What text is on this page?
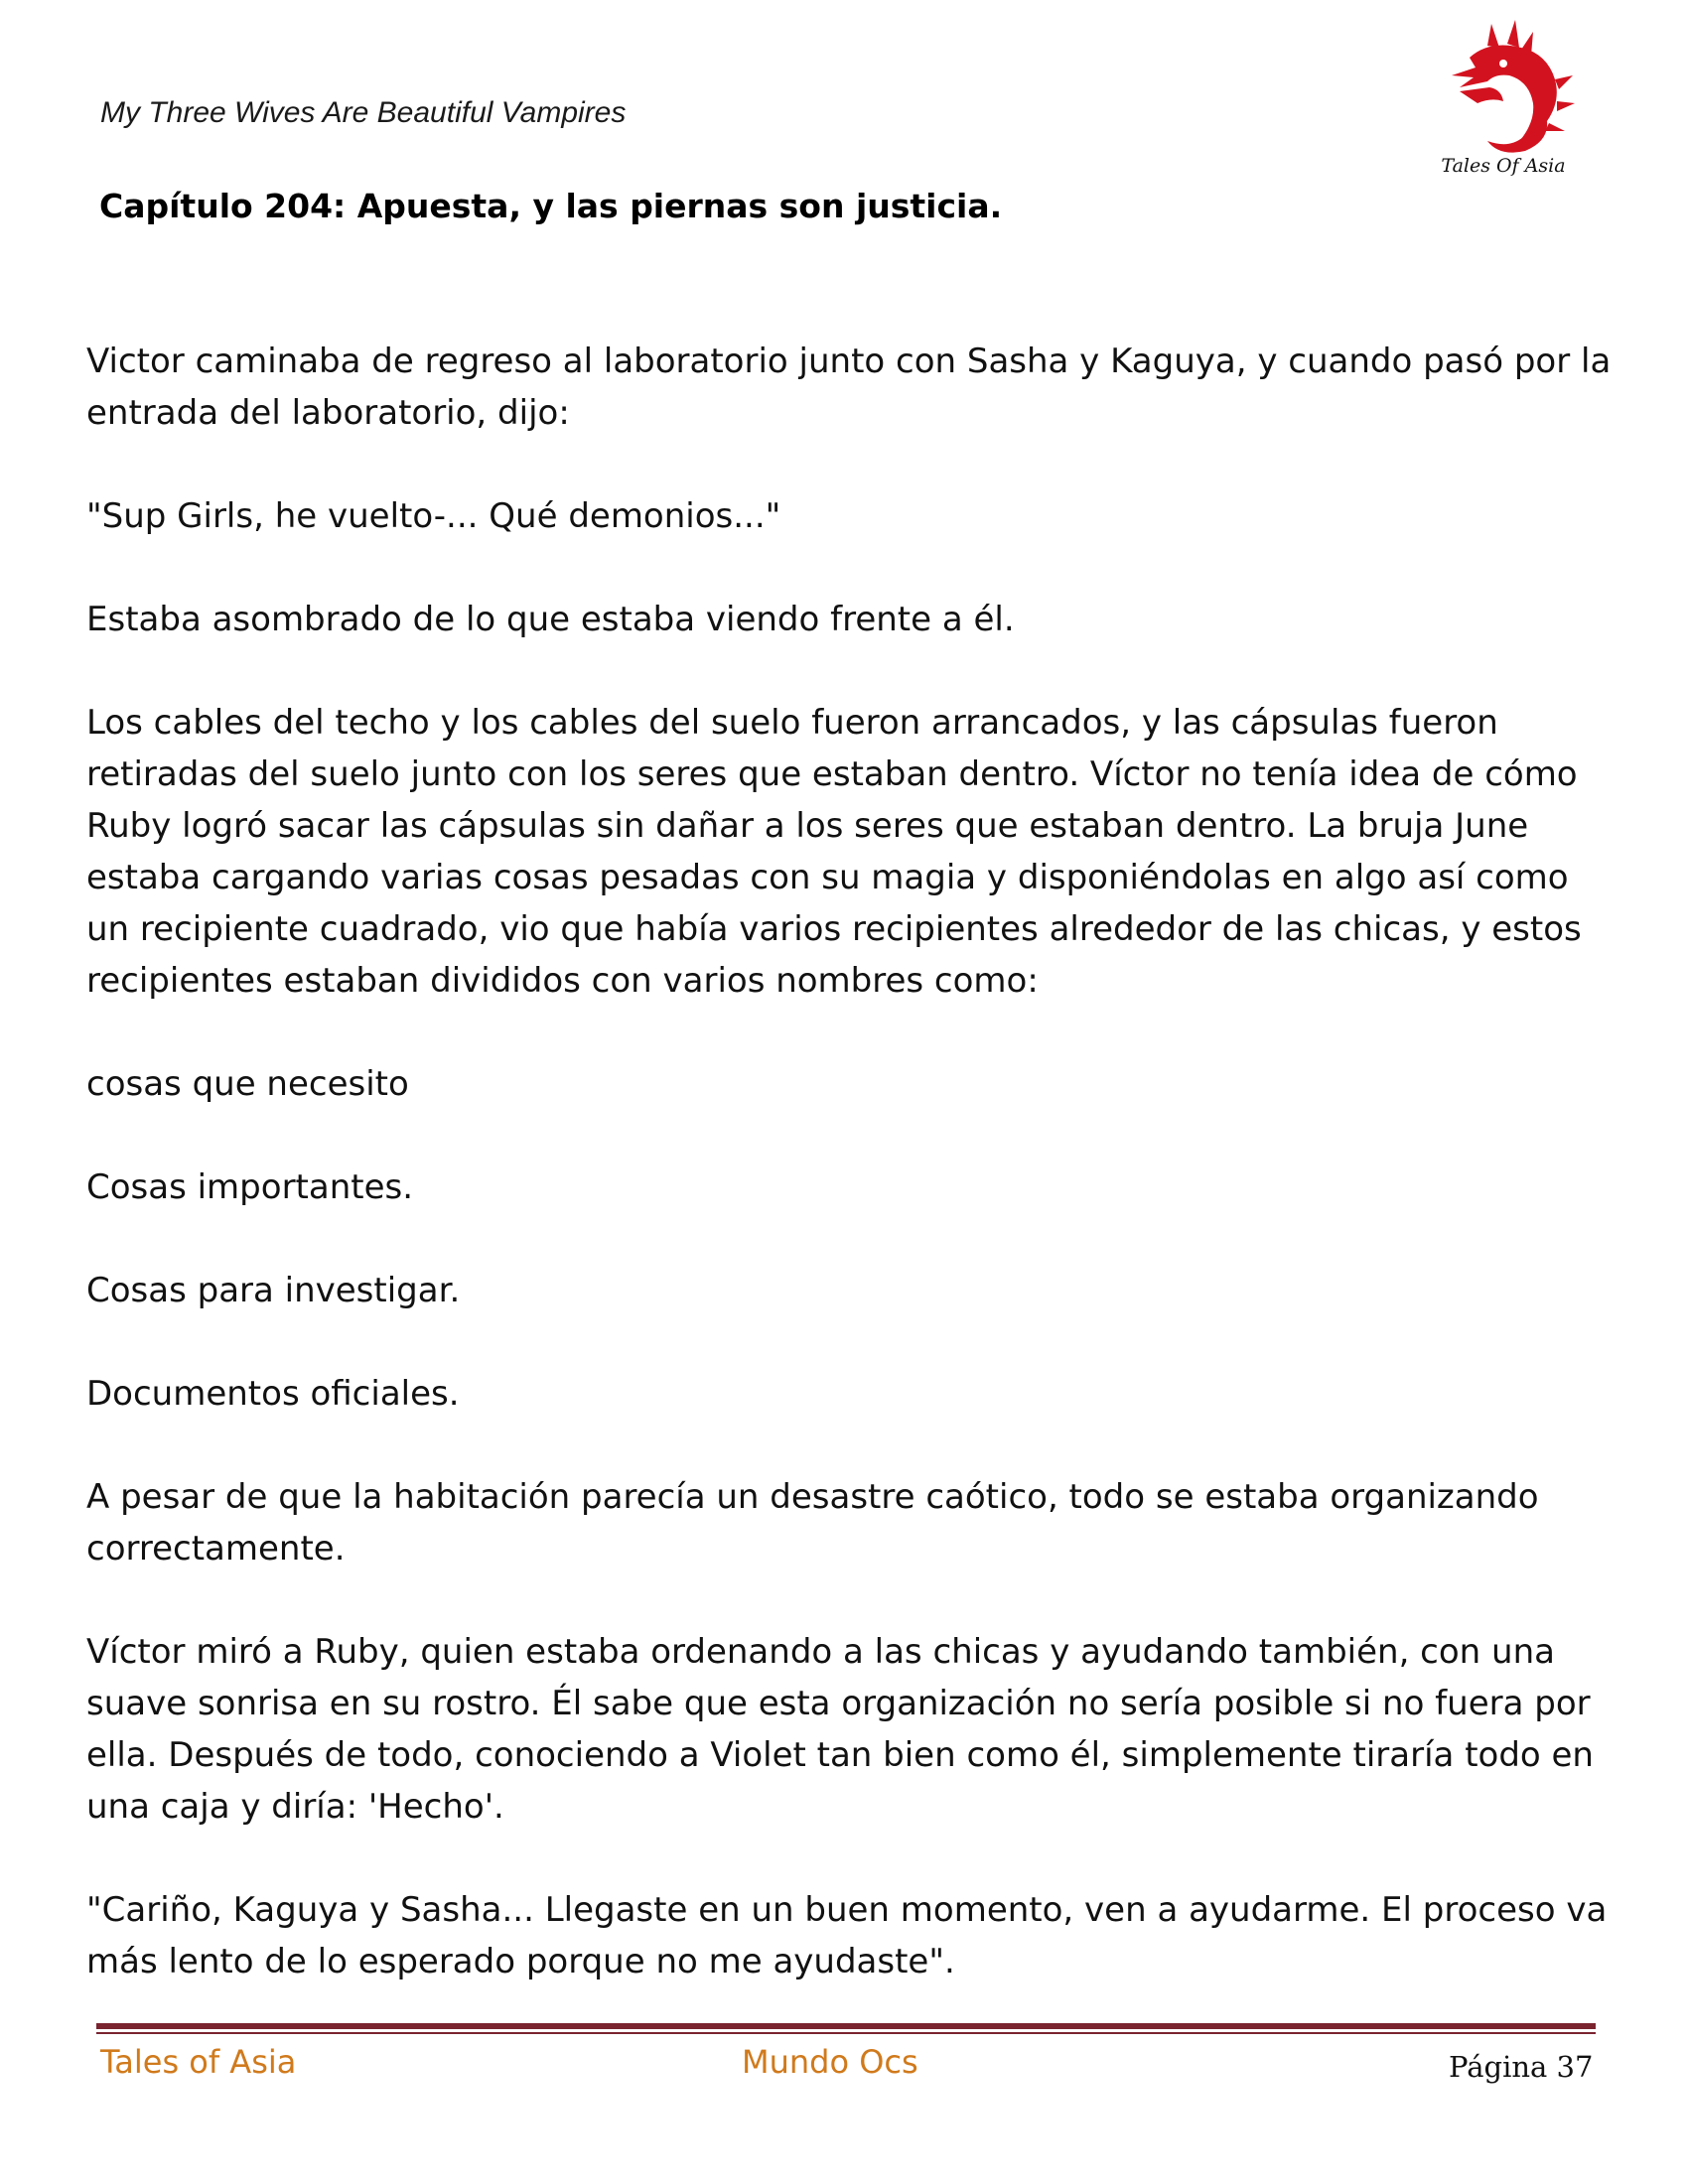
My Three Wives Are Beautiful Vampires
Tales Of Asia
Capítulo 204: Apuesta, y las piernas son justicia.

Victor caminaba de regreso al laboratorio junto con Sasha y Kaguya, y cuando pasó por la entrada del laboratorio, dijo:

"Sup Girls, he vuelto-... Qué demonios..."

Estaba asombrado de lo que estaba viendo frente a él.

Los cables del techo y los cables del suelo fueron arrancados, y las cápsulas fueron retiradas del suelo junto con los seres que estaban dentro. Víctor no tenía idea de cómo Ruby logró sacar las cápsulas sin dañar a los seres que estaban dentro. La bruja June estaba cargando varias cosas pesadas con su magia y disponiéndolas en algo así como un recipiente cuadrado, vio que había varios recipientes alrededor de las chicas, y estos recipientes estaban divididos con varios nombres como:

cosas que necesito

Cosas importantes.

Cosas para investigar.

Documentos oficiales.

A pesar de que la habitación parecía un desastre caótico, todo se estaba organizando correctamente.

Víctor miró a Ruby, quien estaba ordenando a las chicas y ayudando también, con una suave sonrisa en su rostro. Él sabe que esta organización no sería posible si no fuera por ella. Después de todo, conociendo a Violet tan bien como él, simplemente tiraría todo en una caja y diría: 'Hecho'.

"Cariño, Kaguya y Sasha... Llegaste en un buen momento, ven a ayudarme. El proceso va más lento de lo esperado porque no me ayudaste".

Tales of Asia	Mundo Ocs	Página 37
